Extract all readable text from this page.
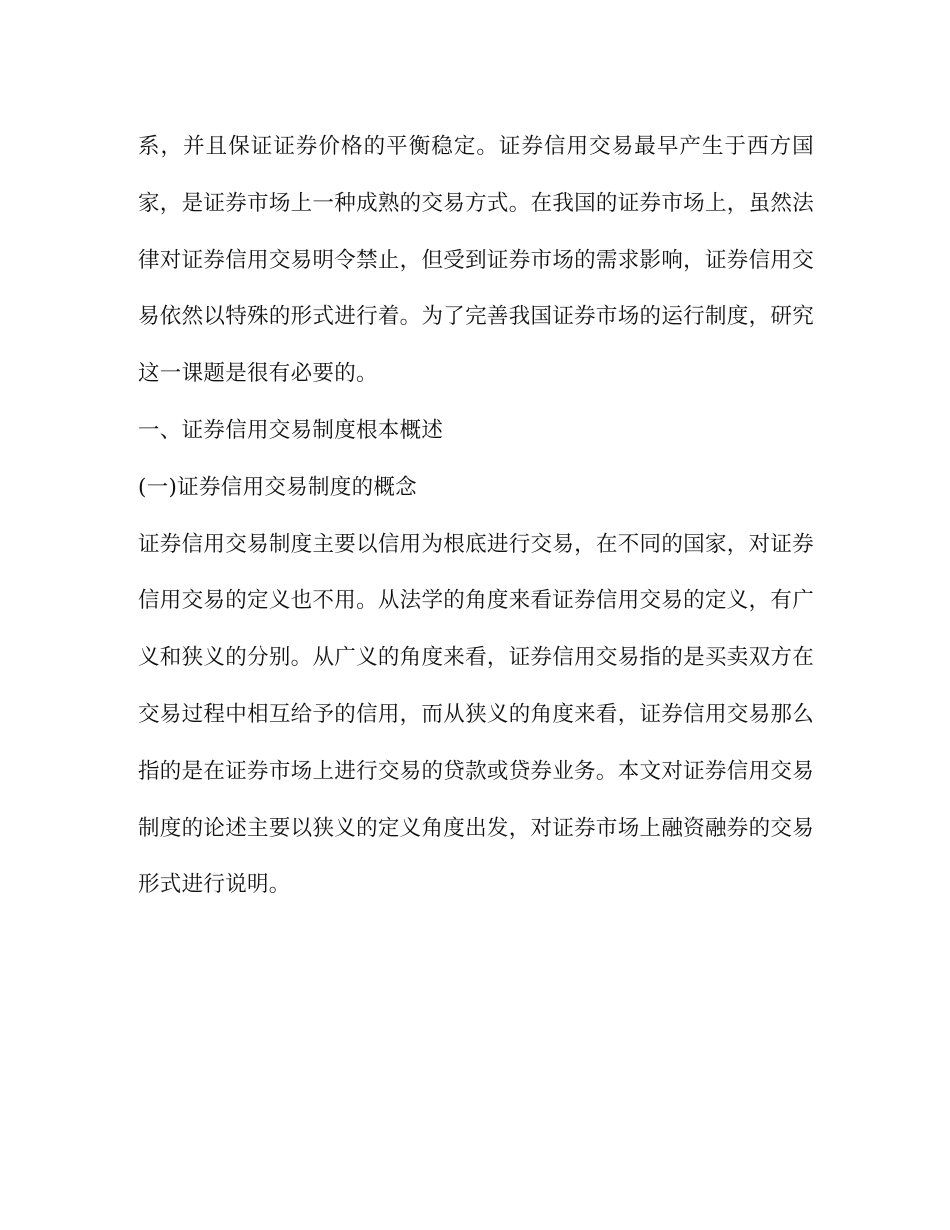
系，并且保证证券价格的平衡稳定。证券信用交易最早产生于西方国
家，是证券市场上一种成熟的交易方式。在我国的证券市场上，虽然法
律对证券信用交易明令禁止，但受到证券市场的需求影响，证券信用交
易依然以特殊的形式进行着。为了完善我国证券市场的运行制度，研究
这一课题是很有必要的。
一、证券信用交易制度根本概述
(一)证券信用交易制度的概念
证券信用交易制度主要以信用为根底进行交易，在不同的国家，对证券
信用交易的定义也不用。从法学的角度来看证券信用交易的定义，有广
义和狭义的分别。从广义的角度来看，证券信用交易指的是买卖双方在
交易过程中相互给予的信用，而从狭义的角度来看，证券信用交易那么
指的是在证券市场上进行交易的贷款或贷券业务。本文对证券信用交易
制度的论述主要以狭义的定义角度出发，对证券市场上融资融券的交易
形式进行说明。
